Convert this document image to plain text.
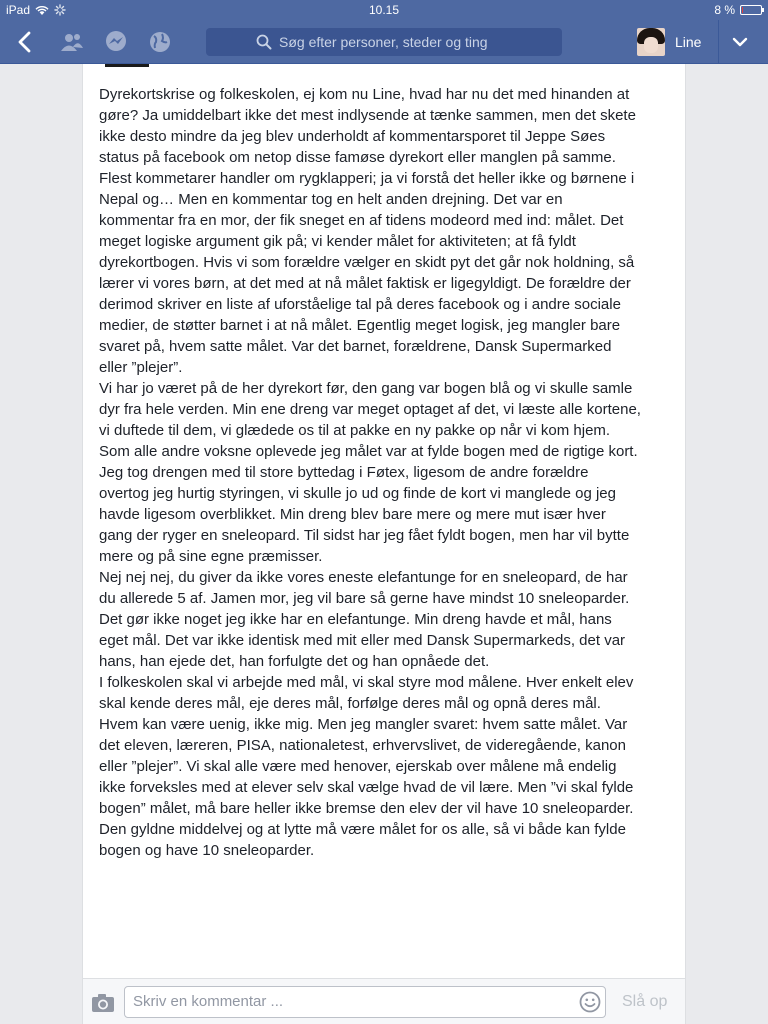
iPad	10.15	8 %
Søg efter personer, steder og ting	Line

Dyrekortskrise og folkeskolen, ej kom nu Line, hvad har nu det med hinanden at gøre? Ja umiddelbart ikke det mest indlysende at tænke sammen, men det skete ikke desto mindre da jeg blev underholdt af kommentarsporet til Jeppe Søes status på facebook om netop disse famøse dyrekort eller manglen på samme.

Flest kommetarer handler om rygklapperi; ja vi forstå det heller ikke og børnene i Nepal og… Men en kommentar tog en helt anden drejning. Det var en kommentar fra en mor, der fik sneget en af tidens modeord med ind: målet. Det meget logiske argument gik på; vi kender målet for aktiviteten; at få fyldt dyrekortbogen. Hvis vi som forældre vælger en skidt pyt det går nok holdning, så lærer vi vores børn, at det med at nå målet faktisk er ligegyldigt. De forældre der derimod skriver en liste af uforståelige tal på deres facebook og i andre sociale medier, de støtter barnet i at nå målet. Egentlig meget logisk, jeg mangler bare svaret på, hvem satte målet. Var det barnet, forældrene, Dansk Supermarked eller ”plejer”.

Vi har jo været på de her dyrekort før, den gang var bogen blå og vi skulle samle dyr fra hele verden. Min ene dreng var meget optaget af det, vi læste alle kortene, vi duftede til dem, vi glædede os til at pakke en ny pakke op når vi kom hjem. Som alle andre voksne oplevede jeg målet var at fylde bogen med de rigtige kort. Jeg tog drengen med til store byttedag i Føtex, ligesom de andre forældre overtog jeg hurtig styringen, vi skulle jo ud og finde de kort vi manglede og jeg havde ligesom overblikket. Min dreng blev bare mere og mere mut især hver gang der ryger en sneleopard. Til sidst har jeg fået fyldt bogen, men har vil bytte mere og på sine egne præmisser.

Nej nej nej, du giver da ikke vores eneste elefantunge for en sneleopard, de har du allerede 5 af. Jamen mor, jeg vil bare så gerne have mindst 10 sneleoparder. Det gør ikke noget jeg ikke har en elefantunge. Min dreng havde et mål, hans eget mål. Det var ikke identisk med mit eller med Dansk Supermarkeds, det var hans, han ejede det, han forfulgte det og han opnåede det.

I folkeskolen skal vi arbejde med mål, vi skal styre mod målene. Hver enkelt elev skal kende deres mål, eje deres mål, forfølge deres mål og opnå deres mål. Hvem kan være uenig, ikke mig. Men jeg mangler svaret: hvem satte målet. Var det eleven, læreren, PISA, nationaletest, erhvervslivet, de videregående, kanon eller ”plejer”. Vi skal alle være med henover, ejerskab over målene må endelig ikke forveksles med at elever selv skal vælge hvad de vil lære. Men ”vi skal fylde bogen” målet, må bare heller ikke bremse den elev der vil have 10 sneleoparder.

Den gyldne middelvej og at lytte må være målet for os alle, så vi både kan fylde bogen og have 10 sneleoparder.

Skriv en kommentar ...	Slå op
